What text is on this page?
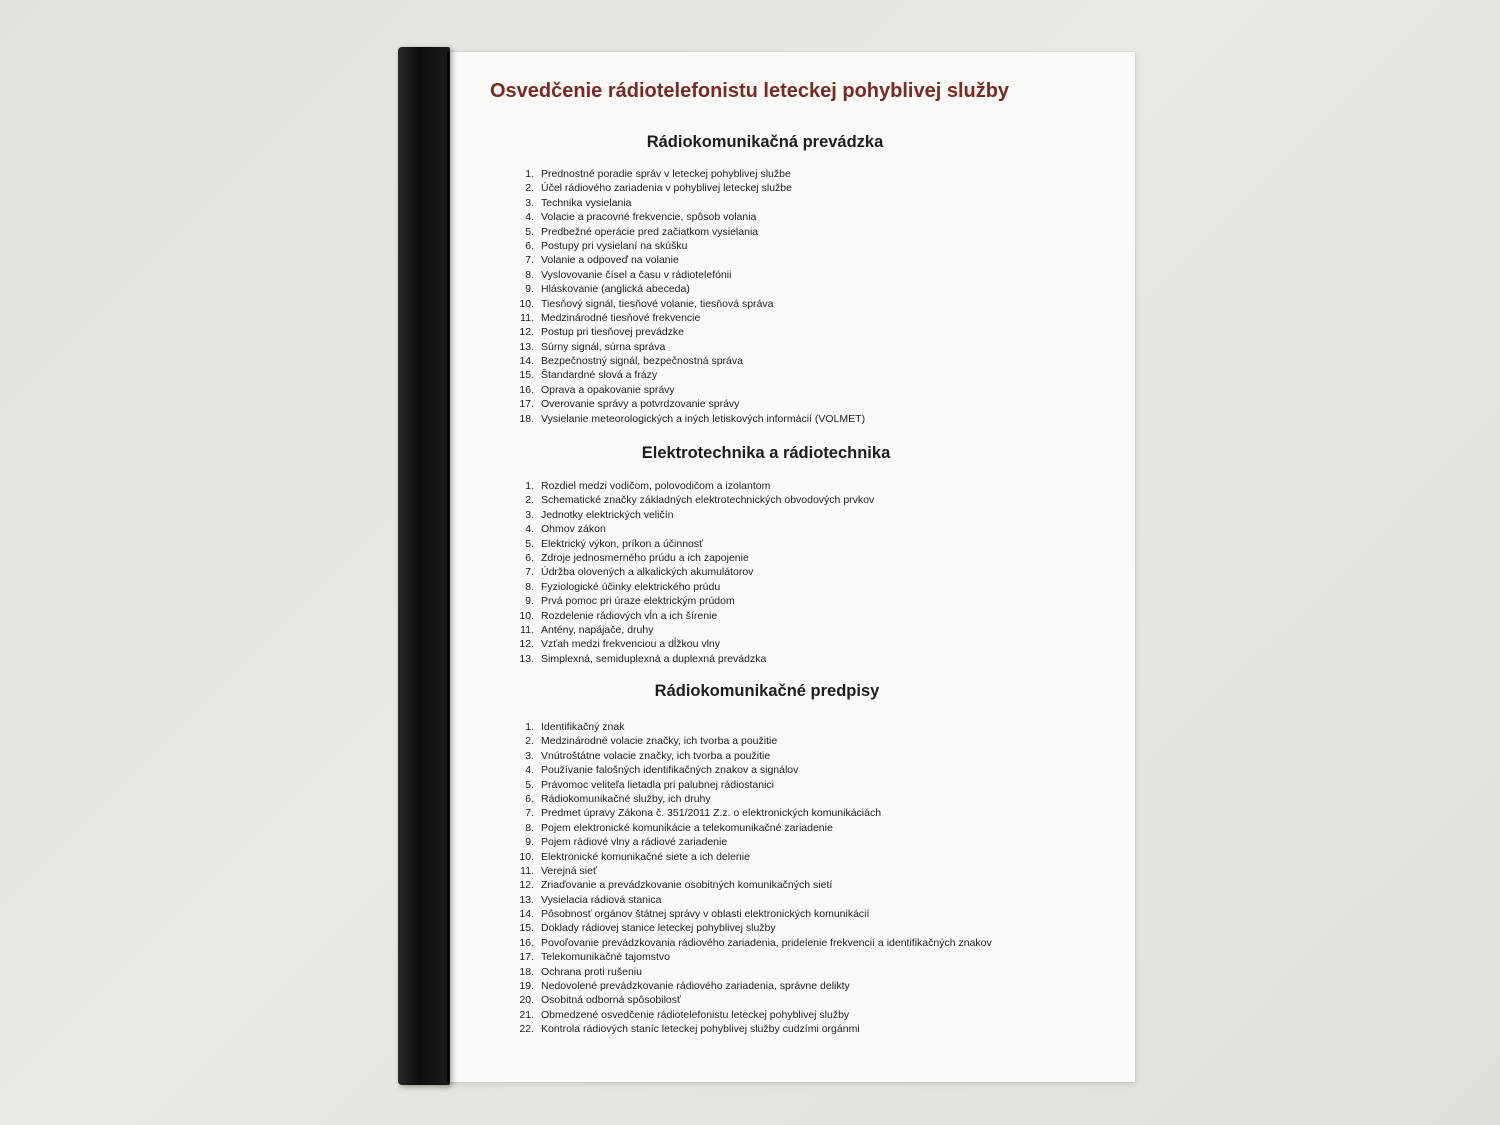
Osvedčenie rádiotelefonistu leteckej pohyblivej služby
Rádiokomunikačná prevádzka
1. Prednostné poradie správ v leteckej pohyblivej službe
2. Účel rádiového zariadenia v pohyblivej leteckej službe
3. Technika vysielania
4. Volacie a pracovné frekvencie, spôsob volania
5. Predbežné operácie pred začiatkom vysielania
6. Postupy pri vysielaní na skúšku
7. Volanie a odpoveď na volanie
8. Vyslovovanie čísel a času v rádiotelefónii
9. Hláskovanie (anglická abeceda)
10. Tiesňový signál, tiesňové volanie, tiesňová správa
11. Medzinárodné tiesňové frekvencie
12. Postup pri tiesňovej prevádzke
13. Súrny signál, súrna správa
14. Bezpečnostný signál, bezpečnostná správa
15. Štandardné slová a frázy
16. Oprava a opakovanie správy
17. Overovanie správy a potvrdzovanie správy
18. Vysielanie meteorologických a iných letiskových informácií (VOLMET)
Elektrotechnika a rádiotechnika
1. Rozdiel medzi vodičom, polovodičom a izolantom
2. Schematické značky základných elektrotechnických obvodových prvkov
3. Jednotky elektrických veličín
4. Ohmov zákon
5. Elektrický výkon, príkon a účinnosť
6. Zdroje jednosmerného prúdu a ich zapojenie
7. Údržba olovených a alkalických akumulátorov
8. Fyziologické účinky elektrického prúdu
9. Prvá pomoc pri úraze elektrickým prúdom
10. Rozdelenie rádiových vĺn a ich šírenie
11. Antény, napájače, druhy
12. Vzťah medzi frekvenciou a dĺžkou vlny
13. Simplexná, semiduplexná a duplexná prevádzka
Rádiokomunikačné predpisy
1. Identifikačný znak
2. Medzinárodné volacie značky, ich tvorba a použitie
3. Vnútroštátne volacie značky, ich tvorba a použitie
4. Používanie falošných identifikačných znakov a signálov
5. Právomoc veliteľa lietadla pri palubnej rádiostanici
6. Rádiokomunikačné služby, ich druhy
7. Predmet úpravy Zákona č. 351/2011 Z.z. o elektronických komunikáciách
8. Pojem elektronické komunikácie a telekomunikačné zariadenie
9. Pojem rádiové vlny a rádiové zariadenie
10. Elektronické komunikačné siete a ich delenie
11. Verejná sieť
12. Zriaďovanie a prevádzkovanie osobitných komunikačných sietí
13. Vysielacia rádiová stanica
14. Pôsobnosť orgánov štátnej správy v oblasti elektronických komunikácií
15. Doklady rádiovej stanice leteckej pohyblivej služby
16. Povoľovanie prevádzkovania rádiového zariadenia, pridelenie frekvencií a identifikačných znakov
17. Telekomunikačné tajomstvo
18. Ochrana proti rušeniu
19. Nedovolené prevádzkovanie rádiového zariadenia, správne delikty
20. Osobitná odborná spôsobilosť
21. Obmedzené osvedčenie rádiotelefonistu leteckej pohyblivej služby
22. Kontrola rádiových staníc leteckej pohyblivej služby cudzími orgánmi
